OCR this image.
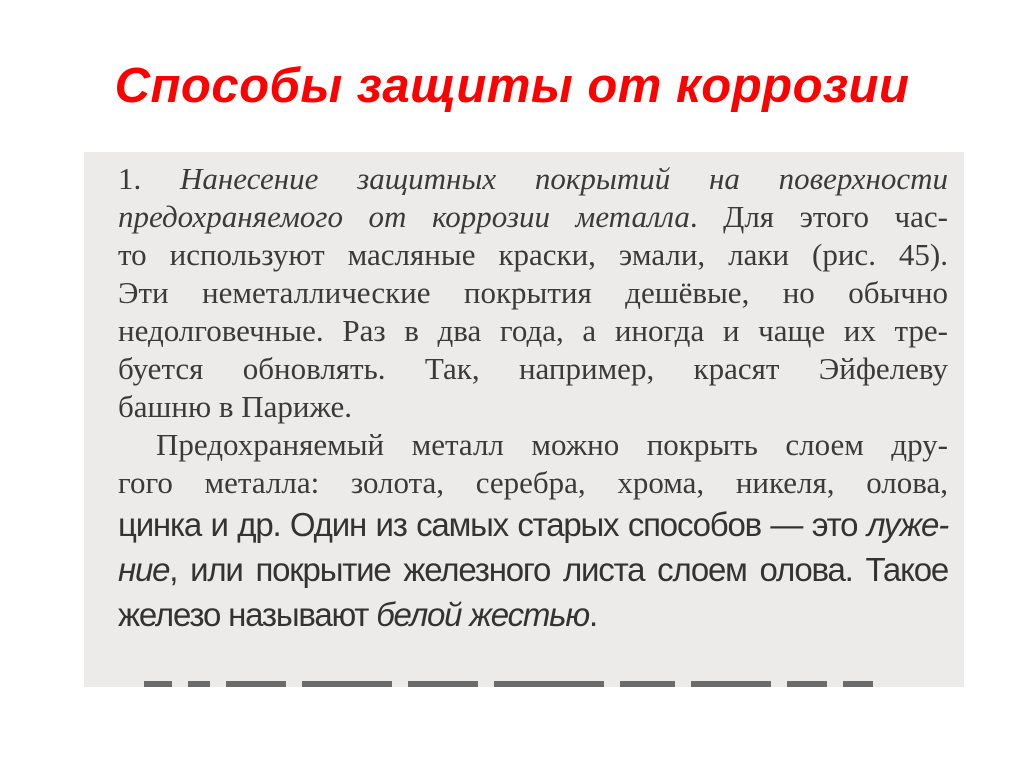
Способы защиты от коррозии
1. Нанесение защитных покрытий на поверхности
предохраняемого от коррозии металла. Для этого час-
то используют масляные краски, эмали, лаки (рис. 45).
Эти неметаллические покрытия дешёвые, но обычно
недолговечные. Раз в два года, а иногда и чаще их тре-
буется обновлять. Так, например, красят Эйфелеву
башню в Париже.
Предохраняемый металл можно покрыть слоем дру-
гого металла: золота, серебра, хрома, никеля, олова,
цинка и др. Один из самых старых способов — это луже-
ние, или покрытие железного листа слоем олова. Такое
железо называют белой жестью.
